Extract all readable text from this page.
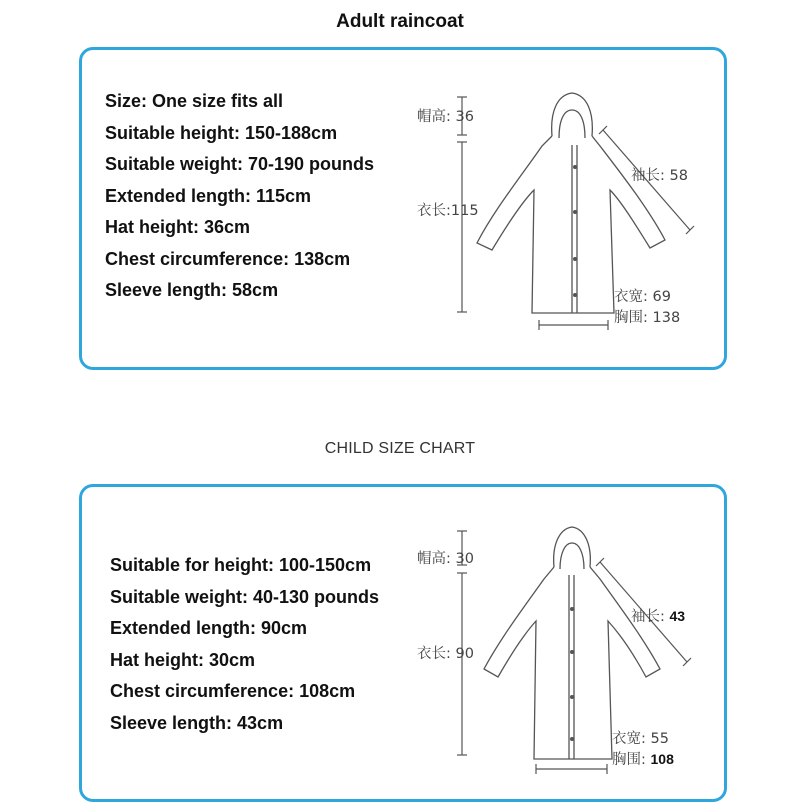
Adult raincoat
Size: One size fits all
Suitable height: 150-188cm
Suitable weight: 70-190 pounds
Extended length: 115cm
Hat height: 36cm
Chest circumference: 138cm
Sleeve length: 58cm
帽高: 36
衣长:115
袖长: 58
衣宽: 69
胸围: 138
CHILD SIZE CHART
Suitable for height: 100-150cm
Suitable weight: 40-130 pounds
Extended length: 90cm
Hat height: 30cm
Chest circumference: 108cm
Sleeve length: 43cm
帽高: 30
衣长: 90
袖长: 43
衣宽: 55
胸围: 108
